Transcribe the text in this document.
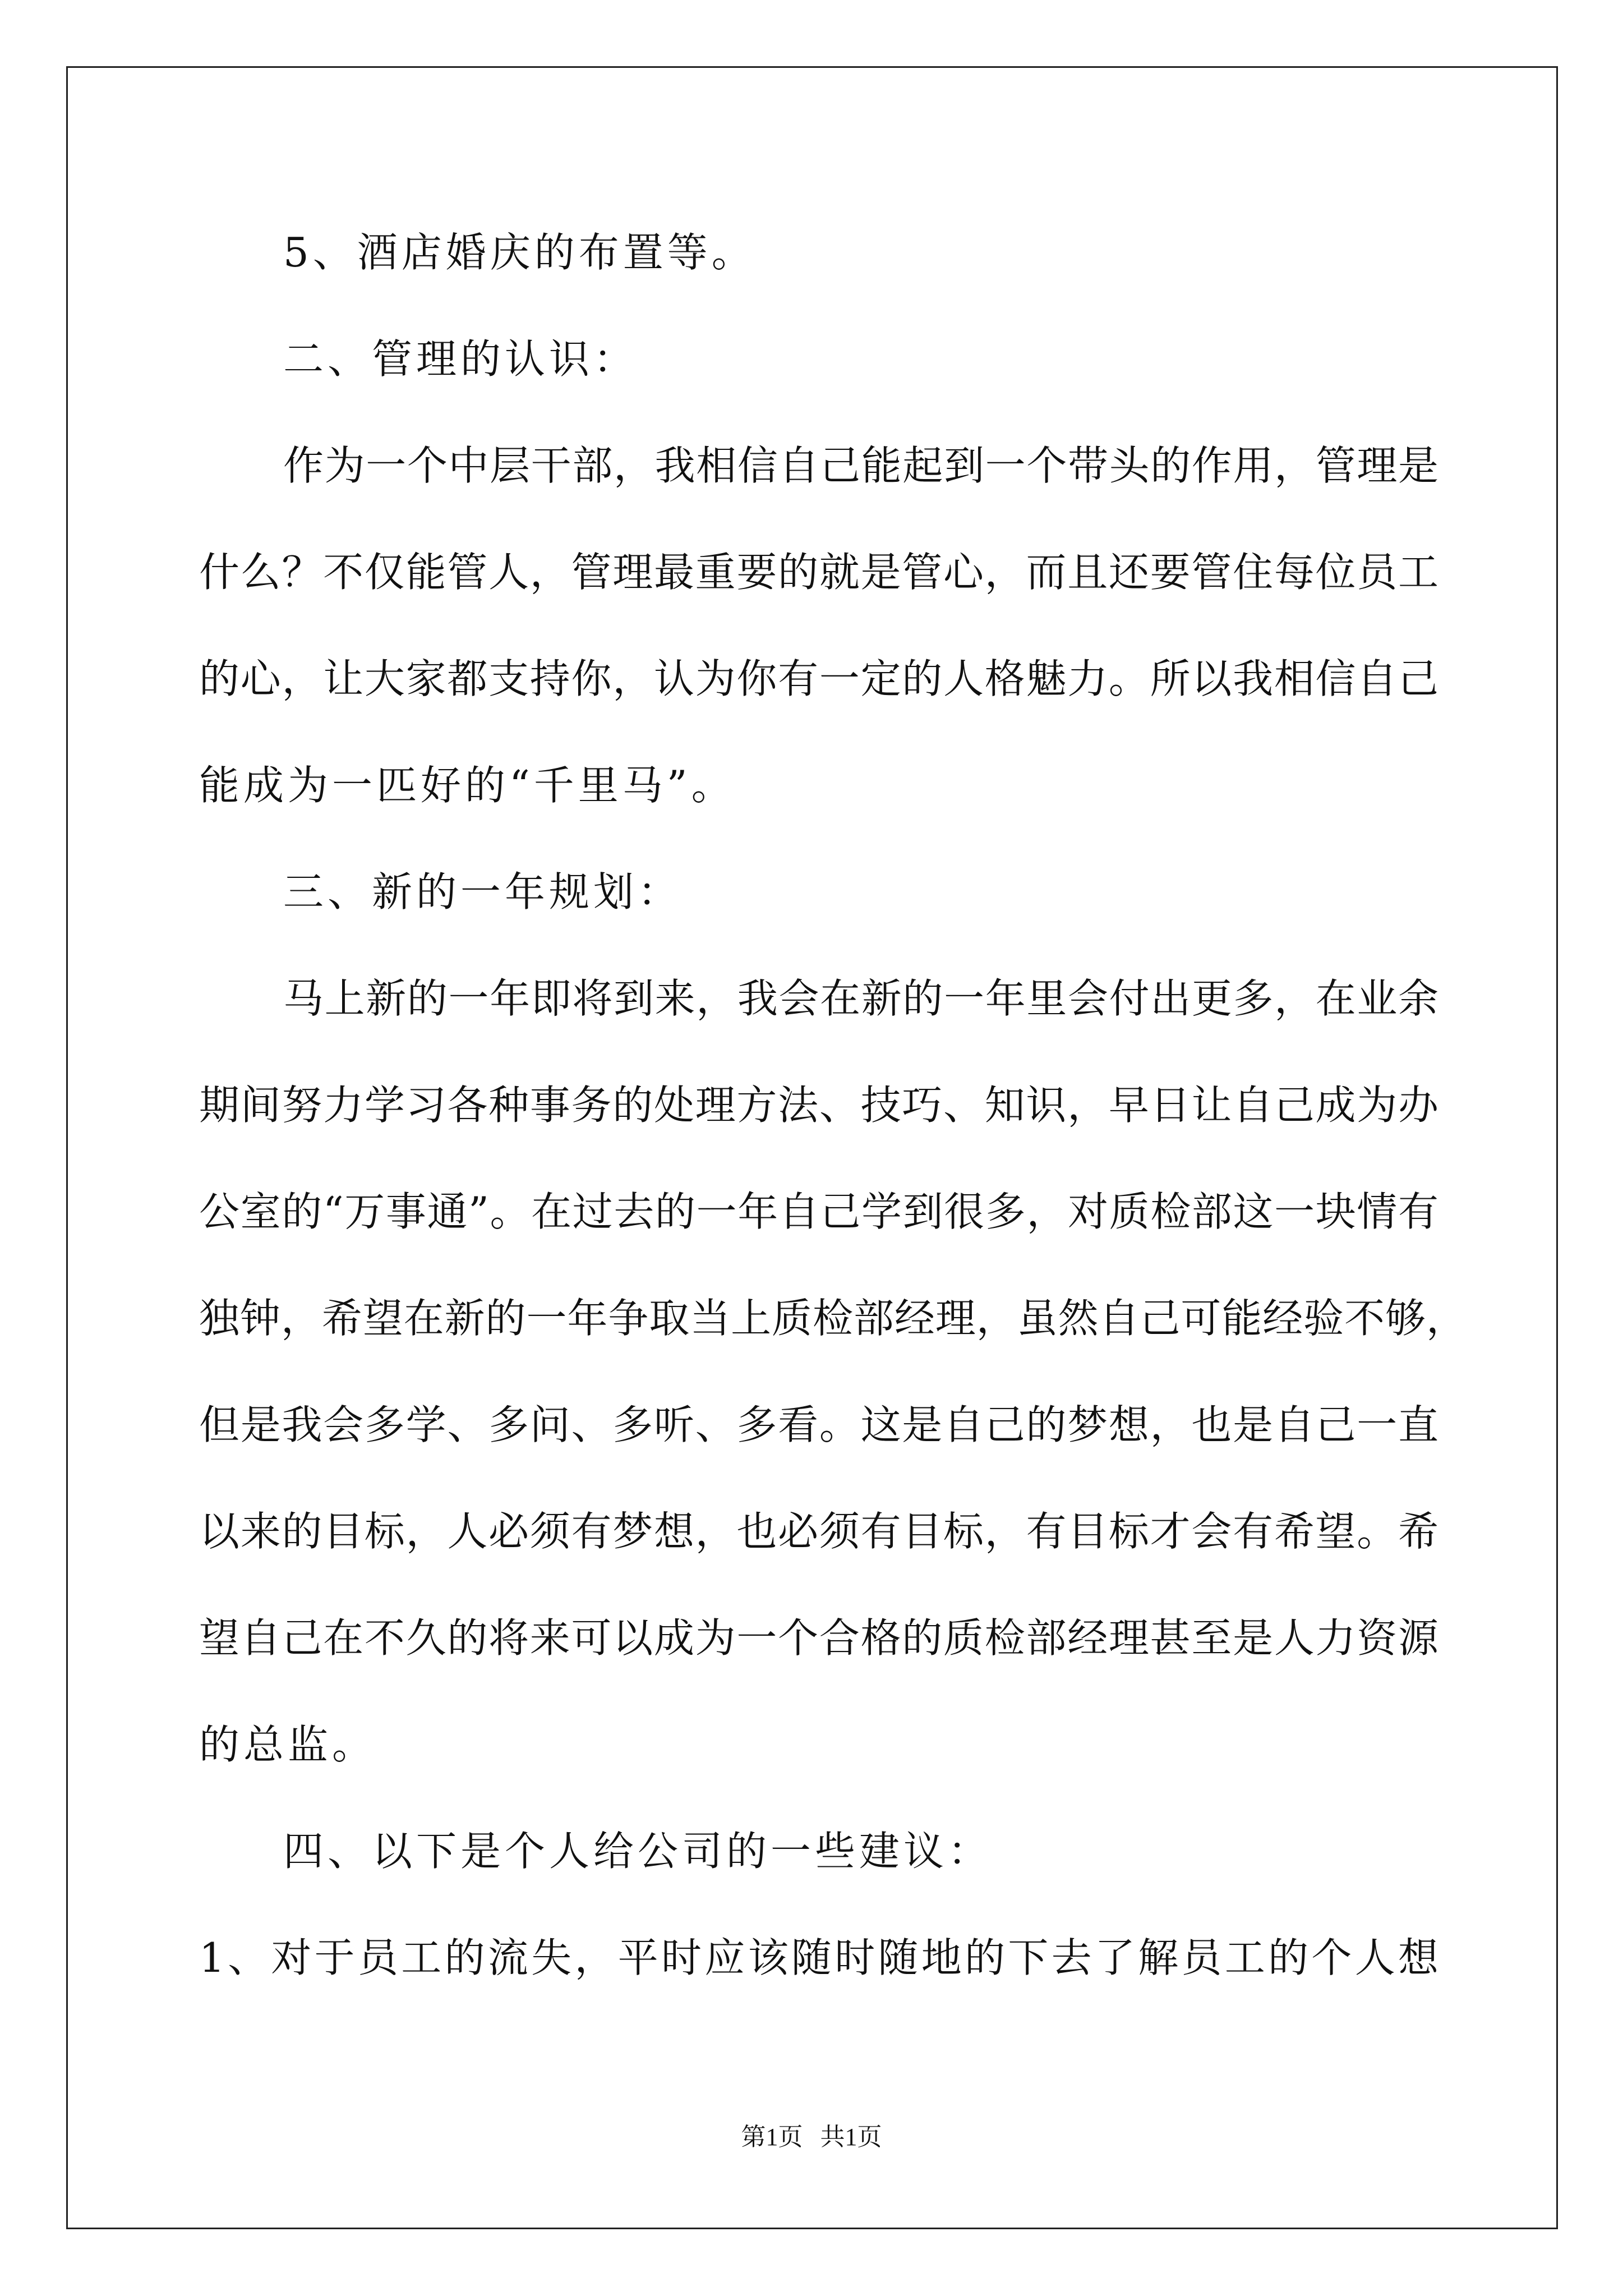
5、酒店婚庆的布置等。
二、管理的认识：
作为一个中层干部，我相信自己能起到一个带头的作用，管理是
什么？不仅能管人，管理最重要的就是管心，而且还要管住每位员工
的心，让大家都支持你，认为你有一定的人格魅力。所以我相信自己
能成为一匹好的“千里马”。
三、新的一年规划：
马上新的一年即将到来，我会在新的一年里会付出更多，在业余
期间努力学习各种事务的处理方法、技巧、知识，早日让自己成为办
公室的“万事通”。在过去的一年自己学到很多，对质检部这一块情有
独钟，希望在新的一年争取当上质检部经理，虽然自己可能经验不够，
但是我会多学、多问、多听、多看。这是自己的梦想，也是自己一直
以来的目标，人必须有梦想，也必须有目标，有目标才会有希望。希
望自己在不久的将来可以成为一个合格的质检部经理甚至是人力资源
的总监。
四、以下是个人给公司的一些建议：
1、对于员工的流失，平时应该随时随地的下去了解员工的个人想
第1页 共1页
